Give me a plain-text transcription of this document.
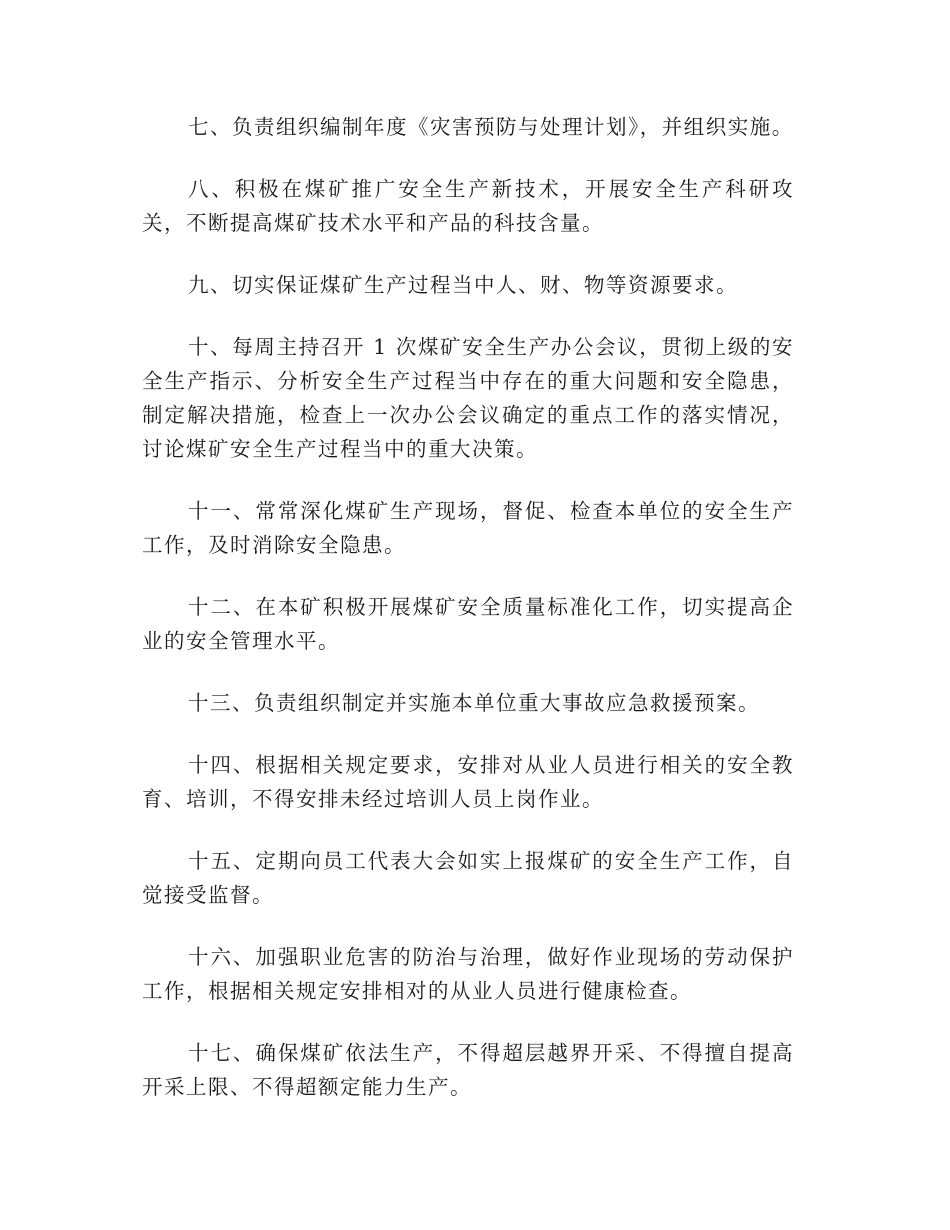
七、负责组织编制年度《灾害预防与处理计划》，并组织实施。

八、积极在煤矿推广安全生产新技术，开展安全生产科研攻关，不断提高煤矿技术水平和产品的科技含量。

九、切实保证煤矿生产过程当中人、财、物等资源要求。

十、每周主持召开 1 次煤矿安全生产办公会议，贯彻上级的安全生产指示、分析安全生产过程当中存在的重大问题和安全隐患，制定解决措施，检查上一次办公会议确定的重点工作的落实情况，讨论煤矿安全生产过程当中的重大决策。

十一、常常深化煤矿生产现场，督促、检查本单位的安全生产工作，及时消除安全隐患。

十二、在本矿积极开展煤矿安全质量标准化工作，切实提高企业的安全管理水平。

十三、负责组织制定并实施本单位重大事故应急救援预案。

十四、根据相关规定要求，安排对从业人员进行相关的安全教育、培训，不得安排未经过培训人员上岗作业。

十五、定期向员工代表大会如实上报煤矿的安全生产工作，自觉接受监督。

十六、加强职业危害的防治与治理，做好作业现场的劳动保护工作，根据相关规定安排相对的从业人员进行健康检查。

十七、确保煤矿依法生产，不得超层越界开采、不得擅自提高开采上限、不得超额定能力生产。
